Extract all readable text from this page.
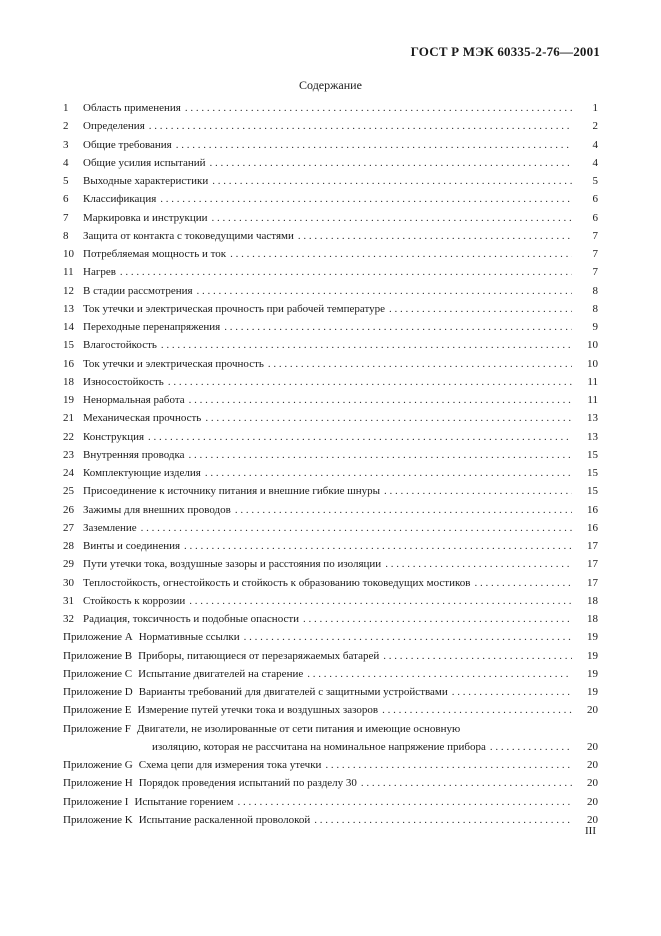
ГОСТ Р МЭК 60335-2-76—2001
Содержание
1	Область применения . . .	1
2	Определения . . .	2
3	Общие требования . . .	4
4	Общие усилия испытаний . . .	4
5	Выходные характеристики . . .	5
6	Классификация . . .	6
7	Маркировка и инструкции . . .	6
8	Защита от контакта с токоведущими частями . . .	7
10 Потребляемая мощность и ток . . .	7
11 Нагрев . . .	7
12 В стадии рассмотрения . . .	8
13 Ток утечки и электрическая прочность при рабочей температуре . . .	8
14 Переходные перенапряжения . . .	9
15 Влагостойкость . . .	10
16 Ток утечки и электрическая прочность . . .	10
18 Износостойкость . . .	11
19 Ненормальная работа . . .	11
21 Механическая прочность . . .	13
22 Конструкция . . .	13
23 Внутренняя проводка . . .	15
24 Комплектующие изделия . . .	15
25 Присоединение к источнику питания и внешние гибкие шнуры . . .	15
26 Зажимы для внешних проводов . . .	16
27 Заземление . . .	16
28 Винты и соединения . . .	17
29 Пути утечки тока, воздушные зазоры и расстояния по изоляции . . .	17
30 Теплостойкость, огнестойкость и стойкость к образованию токоведущих мостиков . . .	17
31 Стойкость к коррозии . . .	18
32 Радиация, токсичность и подобные опасности . . .	18
Приложение A Нормативные ссылки . . .	19
Приложение B Приборы, питающиеся от перезаряжаемых батарей . . .	19
Приложение C Испытание двигателей на старение . . .	19
Приложение D Варианты требований для двигателей с защитными устройствами . . .	19
Приложение E Измерение путей утечки тока и воздушных зазоров . . .	20
Приложение F Двигатели, не изолированные от сети питания и имеющие основную
изоляцию, которая не рассчитана на номинальное напряжение прибора . . .	20
Приложение G Схема цепи для измерения тока утечки . . .	20
Приложение H Порядок проведения испытаний по разделу 30 . . .	20
Приложение I Испытание горением . . .	20
Приложение K Испытание раскаленной проволокой . . .	20
III
